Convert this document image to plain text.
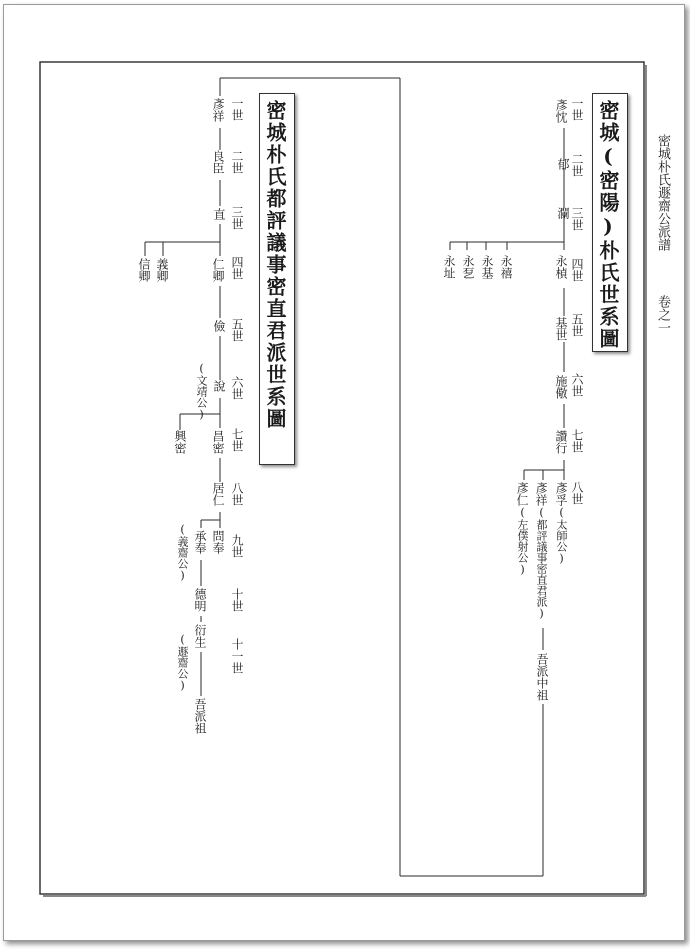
密城朴氏遯齋公派譜
卷之一
密城(密陽)朴氏世系圖
一世
二世
三世
四世
五世
六世
七世
八世
彥忱
郁
瀾
永楨
永禧
永基
永乭
永址
基世
施儆
讚行
彥孚(太師公)
彥祥(都評議事密直君派)
吾派中祖
彥仁(左僕射公)
密城朴氏都評議事密直君派世系圖
一世
二世
三世
四世
五世
六世
七世
八世
九世
十世
十一世
彥祥
良臣
直
仁卿
義卿
信卿
儉
說
(文靖公)
昌密
興密
居仁
問奉
承奉
(義齋公)
德明
衍生
(遯齋公)
吾派祖
